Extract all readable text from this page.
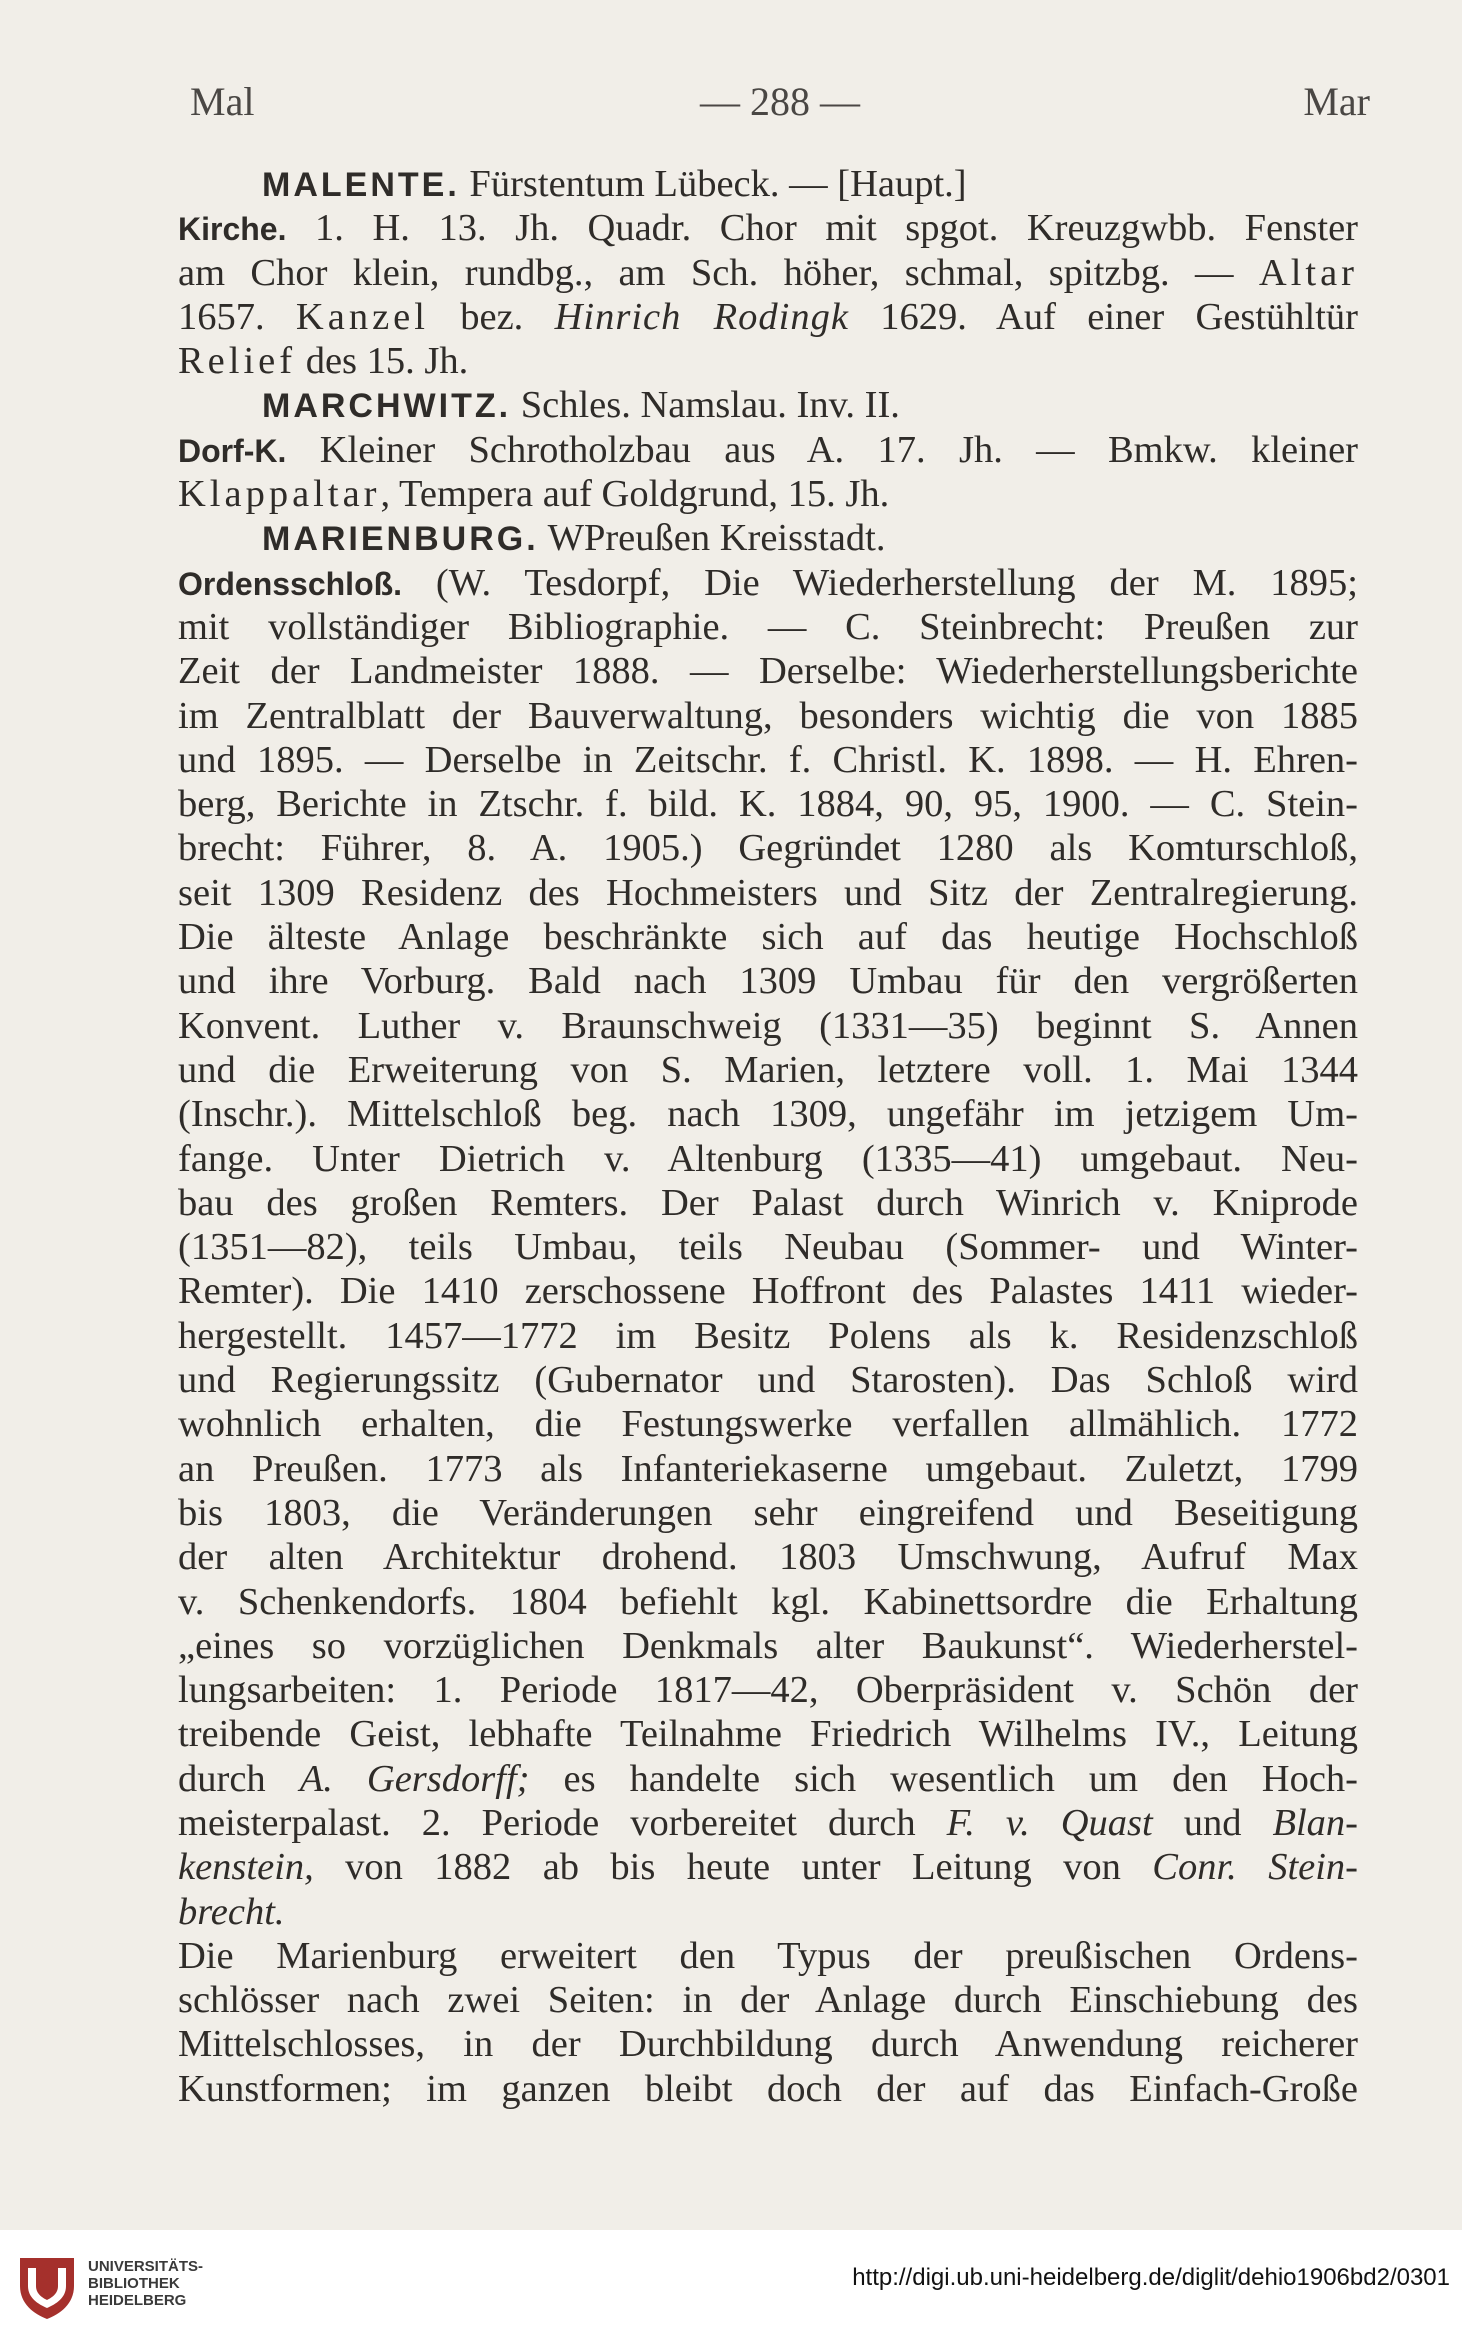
Mal	— 288 —	Mar
MALENTE. Fürstentum Lübeck. — [Haupt.]
Kirche. 1. H. 13. Jh. Quadr. Chor mit spgot. Kreuzgwbb. Fenster
am Chor klein, rundbg., am Sch. höher, schmal, spitzbg. — Altar
1657. Kanzel bez. Hinrich Rodingk 1629. Auf einer Gestühltür
Relief des 15. Jh.
MARCHWITZ. Schles. Namslau. Inv. II.
Dorf-K. Kleiner Schrotholzbau aus A. 17. Jh. — Bmkw. kleiner
Klappaltar, Tempera auf Goldgrund, 15. Jh.
MARIENBURG. WPreußen Kreisstadt.
Ordensschloß. (W. Tesdorpf, Die Wiederherstellung der M. 1895;
mit vollständiger Bibliographie. — C. Steinbrecht: Preußen zur
Zeit der Landmeister 1888. — Derselbe: Wiederherstellungsberichte
im Zentralblatt der Bauverwaltung, besonders wichtig die von 1885
und 1895. — Derselbe in Zeitschr. f. Christl. K. 1898. — H. Ehren-
berg, Berichte in Ztschr. f. bild. K. 1884, 90, 95, 1900. — C. Stein-
brecht: Führer, 8. A. 1905.) Gegründet 1280 als Komturschloß,
seit 1309 Residenz des Hochmeisters und Sitz der Zentralregierung.
Die älteste Anlage beschränkte sich auf das heutige Hochschloß
und ihre Vorburg. Bald nach 1309 Umbau für den vergrößerten
Konvent. Luther v. Braunschweig (1331—35) beginnt S. Annen
und die Erweiterung von S. Marien, letztere voll. 1. Mai 1344
(Inschr.). Mittelschloß beg. nach 1309, ungefähr im jetzigem Um-
fange. Unter Dietrich v. Altenburg (1335—41) umgebaut. Neu-
bau des großen Remters. Der Palast durch Winrich v. Kniprode
(1351—82), teils Umbau, teils Neubau (Sommer- und Winter-
Remter). Die 1410 zerschossene Hoffront des Palastes 1411 wieder-
hergestellt. 1457—1772 im Besitz Polens als k. Residenzschloß
und Regierungssitz (Gubernator und Starosten). Das Schloß wird
wohnlich erhalten, die Festungswerke verfallen allmählich. 1772
an Preußen. 1773 als Infanteriekaserne umgebaut. Zuletzt, 1799
bis 1803, die Veränderungen sehr eingreifend und Beseitigung
der alten Architektur drohend. 1803 Umschwung, Aufruf Max
v. Schenkendorfs. 1804 befiehlt kgl. Kabinettsordre die Erhaltung
„eines so vorzüglichen Denkmals alter Baukunst“. Wiederherstel-
lungsarbeiten: 1. Periode 1817—42, Oberpräsident v. Schön der
treibende Geist, lebhafte Teilnahme Friedrich Wilhelms IV., Leitung
durch A. Gersdorff; es handelte sich wesentlich um den Hoch-
meisterpalast. 2. Periode vorbereitet durch F. v. Quast und Blan-
kenstein, von 1882 ab bis heute unter Leitung von Conr. Stein-
brecht.
Die Marienburg erweitert den Typus der preußischen Ordens-
schlösser nach zwei Seiten: in der Anlage durch Einschiebung des
Mittelschlosses, in der Durchbildung durch Anwendung reicherer
Kunstformen; im ganzen bleibt doch der auf das Einfach-Große
UNIVERSITÄTS-
BIBLIOTHEK
HEIDELBERG
http://digi.ub.uni-heidelberg.de/diglit/dehio1906bd2/0301
